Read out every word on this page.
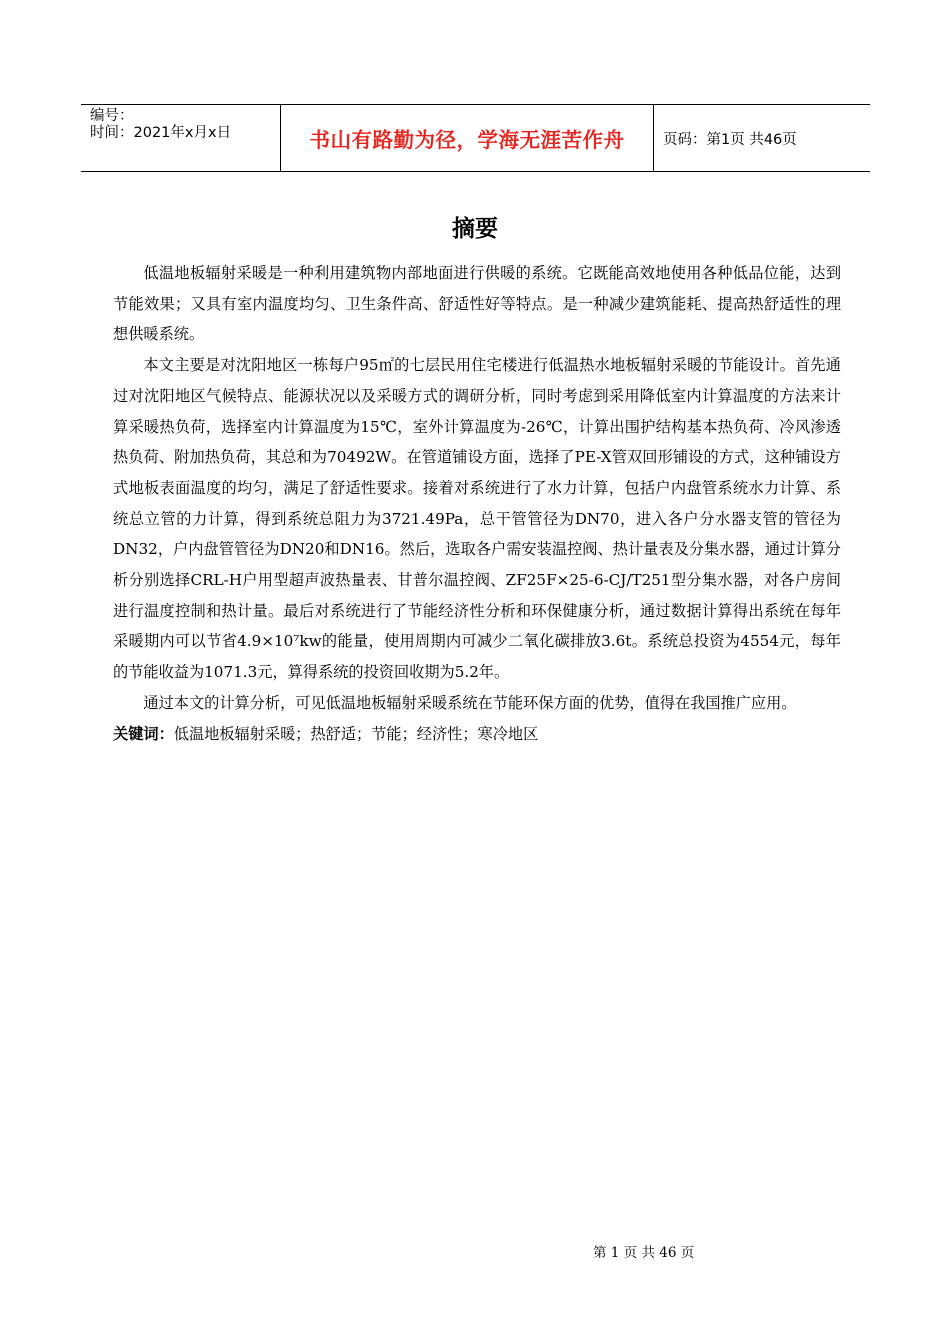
编号：
时间：2021年x月x日	书山有路勤为径，学海无涯苦作舟	页码：第1页 共46页
摘要

低温地板辐射采暖是一种利用建筑物内部地面进行供暖的系统。它既能高效地使用各种低品位能，达到节能效果；又具有室内温度均匀、卫生条件高、舒适性好等特点。是一种减少建筑能耗、提高热舒适性的理想供暖系统。

本文主要是对沈阳地区一栋每户95㎡的七层民用住宅楼进行低温热水地板辐射采暖的节能设计。首先通过对沈阳地区气候特点、能源状况以及采暖方式的调研分析，同时考虑到采用降低室内计算温度的方法来计算采暖热负荷，选择室内计算温度为15℃，室外计算温度为-26℃，计算出围护结构基本热负荷、冷风渗透热负荷、附加热负荷，其总和为70492W。在管道铺设方面，选择了PE-X管双回形铺设的方式，这种铺设方式地板表面温度的均匀，满足了舒适性要求。接着对系统进行了水力计算，包括户内盘管系统水力计算、系统总立管的力计算，得到系统总阻力为3721.49Pa，总干管管径为DN70，进入各户分水器支管的管径为DN32，户内盘管管径为DN20和DN16。然后，选取各户需安装温控阀、热计量表及分集水器，通过计算分析分别选择CRL-H户用型超声波热量表、甘普尔温控阀、ZF25F×25-6-CJ/T251型分集水器，对各户房间进行温度控制和热计量。最后对系统进行了节能经济性分析和环保健康分析，通过数据计算得出系统在每年采暖期内可以节省4.9×10⁷kw的能量，使用周期内可减少二氧化碳排放3.6t。系统总投资为4554元，每年的节能收益为1071.3元，算得系统的投资回收期为5.2年。

通过本文的计算分析，可见低温地板辐射采暖系统在节能环保方面的优势，值得在我国推广应用。

关键词：低温地板辐射采暖；热舒适；节能；经济性；寒冷地区

第 1 页 共 46 页
